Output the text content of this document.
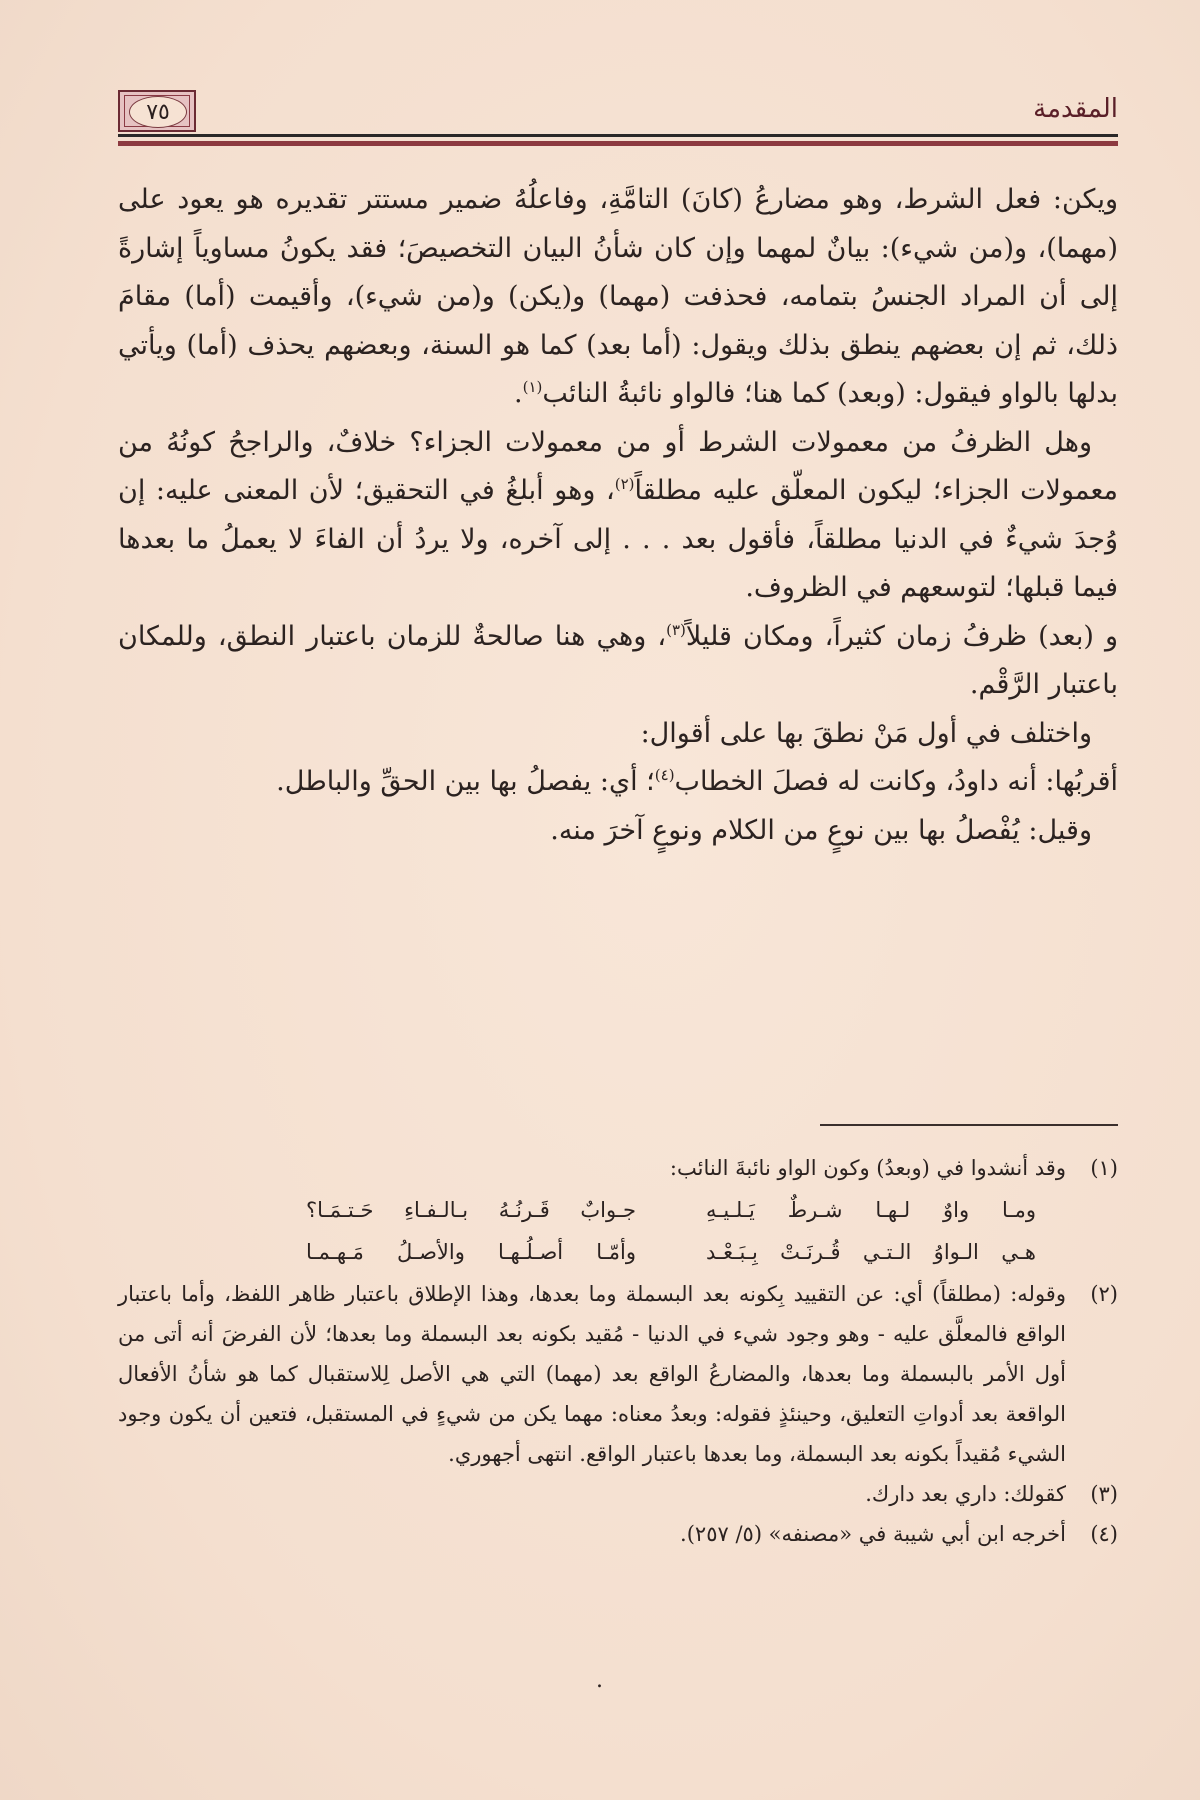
المقدمة
٧٥

ويكن: فعل الشرط، وهو مضارعُ (كانَ) التامَّةِ، وفاعلُهُ ضمير مستتر تقديره هو يعود على (مهما)، و(من شيء): بيانٌ لمهما وإن كان شأنُ البيان التخصيصَ؛ فقد يكونُ مساوياً إشارةً إلى أن المراد الجنسُ بتمامه، فحذفت (مهما) و(يكن) و(من شيء)، وأقيمت (أما) مقامَ ذلك، ثم إن بعضهم ينطق بذلك ويقول: (أما بعد) كما هو السنة، وبعضهم يحذف (أما) ويأتي بدلها بالواو فيقول: (وبعد) كما هنا؛ فالواو نائبةُ النائب$^{(١)}$.

وهل الظرفُ من معمولات الشرط أو من معمولات الجزاء؟ خلافٌ، والراجحُ كونُهُ من معمولات الجزاء؛ ليكون المعلّق عليه مطلقاً$^{(٢)}$، وهو أبلغُ في التحقيق؛ لأن المعنى عليه: إن وُجدَ شيءٌ في الدنيا مطلقاً، فأقول بعد . . . إلى آخره، ولا يردُ أن الفاءَ لا يعملُ ما بعدها فيما قبلها؛ لتوسعهم في الظروف.

و (بعد) ظرفُ زمان كثيراً، ومكان قليلاً$^{(٣)}$، وهي هنا صالحةٌ للزمان باعتبار النطق، وللمكان باعتبار الرَّقْم.

واختلف في أول مَنْ نطقَ بها على أقوال:

أقربُها: أنه داودُ، وكانت له فصلَ الخطاب$^{(٤)}$؛ أي: يفصلُ بها بين الحقِّ والباطل.

وقيل: يُفْصلُ بها بين نوعٍ من الكلام ونوعٍ آخرَ منه.

(١)
وقد أنشدوا في (وبعدُ) وكون الواو نائبةَ النائب:
ومـا واوٌ لـهـا شـرطٌ يَـلـيـهِ
جـوابٌ قَـرنُـهُ بـالـفـاءِ حَـتـمَـا؟
هـي الـواوُ الـتـي قُـرنَـتْ بِـبَـعْـد
وأمّـا أصـلُـهـا والأصـلُ مَـهـمـا
(٢)
وقوله: (مطلقاً) أي: عن التقييد بِكونه بعد البسملة وما بعدها، وهذا الإطلاق باعتبار ظاهر اللفظ، وأما باعتبار الواقع فالمعلَّق عليه - وهو وجود شيء في الدنيا - مُقيد بكونه بعد البسملة وما بعدها؛ لأن الفرضَ أنه أتى من أول الأمر بالبسملة وما بعدها، والمضارعُ الواقع بعد (مهما) التي هي الأصل لِلاستقبال كما هو شأنُ الأفعال الواقعة بعد أدواتِ التعليق، وحينئذٍ فقوله: وبعدُ معناه: مهما يكن من شيءٍ في المستقبل، فتعين أن يكون وجود الشيء مُقيداً بكونه بعد البسملة، وما بعدها باعتبار الواقع. انتهى أجهوري.
(٣)
كقولك: داري بعد دارك.
(٤)
أخرجه ابن أبي شيبة في «مصنفه» (٥/ ٢٥٧).
.
